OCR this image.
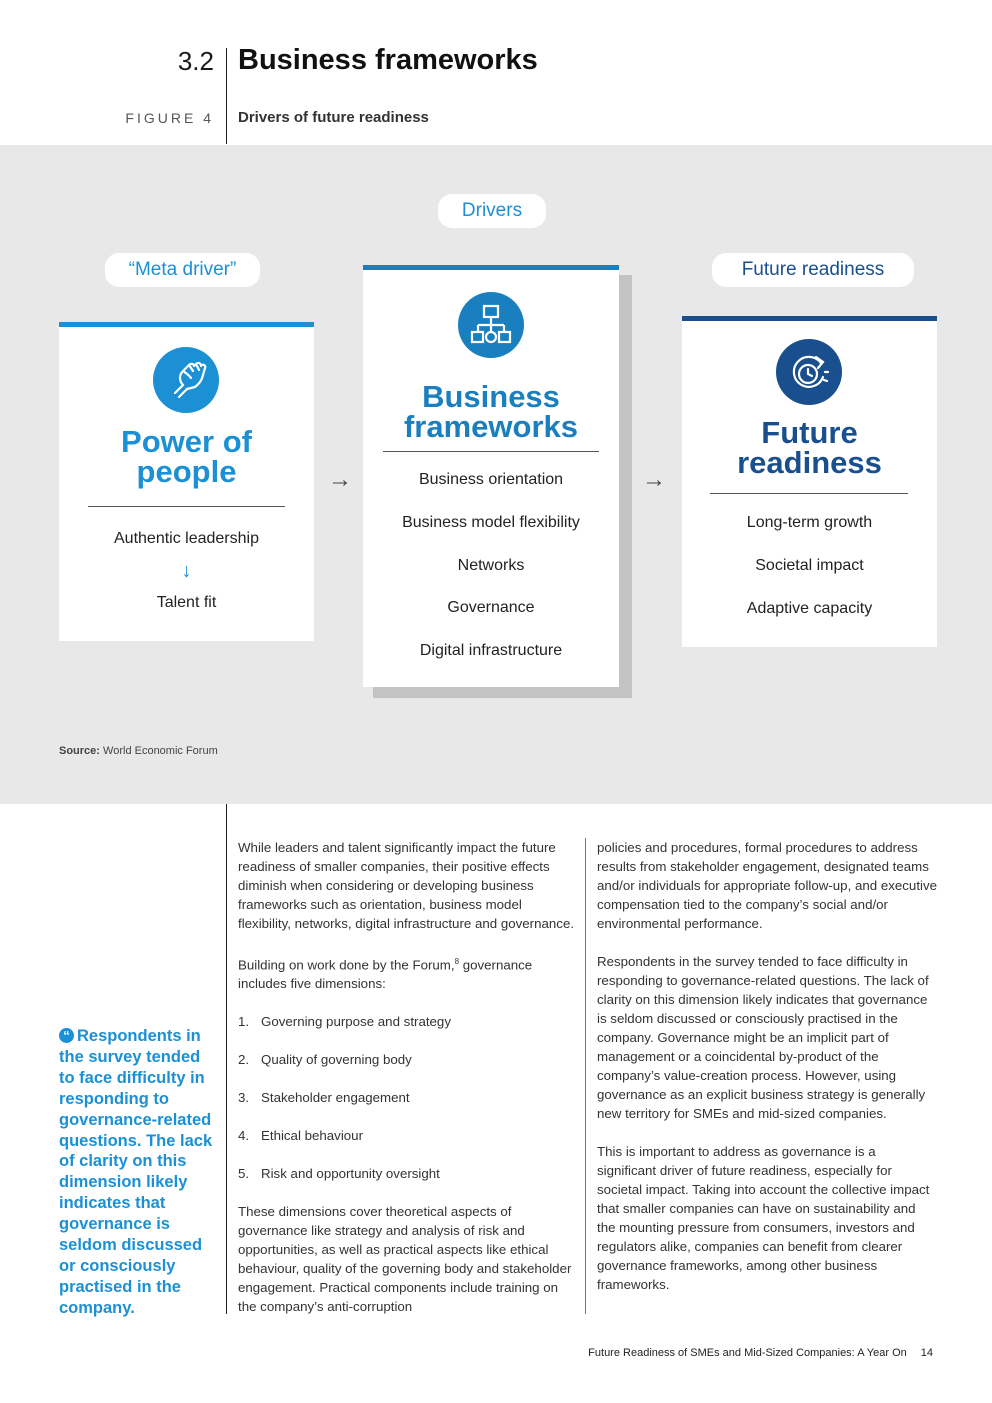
3.2 Business frameworks
FIGURE 4 Drivers of future readiness
Drivers
“Meta driver”	Future readiness
Power of
people
Authentic leadership
↓
Talent fit
→
Business
frameworks
Business orientation
Business model flexibility
Networks
Governance
Digital infrastructure
→
Future
readiness
Long-term growth
Societal impact
Adaptive capacity
Source: World Economic Forum
“ Respondents in the survey tended to face difficulty in responding to governance-related questions. The lack of clarity on this dimension likely indicates that governance is seldom discussed or consciously practised in the company.

While leaders and talent significantly impact the future readiness of smaller companies, their positive effects diminish when considering or developing business frameworks such as orientation, business model flexibility, networks, digital infrastructure and governance.

Building on work done by the Forum,$^8$ governance includes five dimensions:

1. Governing purpose and strategy
2. Quality of governing body
3. Stakeholder engagement
4. Ethical behaviour
5. Risk and opportunity oversight

These dimensions cover theoretical aspects of governance like strategy and analysis of risk and opportunities, as well as practical aspects like ethical behaviour, quality of the governing body and stakeholder engagement. Practical components include training on the company’s anti-corruption

policies and procedures, formal procedures to address results from stakeholder engagement, designated teams and/or individuals for appropriate follow-up, and executive compensation tied to the company’s social and/or environmental performance.

Respondents in the survey tended to face difficulty in responding to governance-related questions. The lack of clarity on this dimension likely indicates that governance is seldom discussed or consciously practised in the company. Governance might be an implicit part of management or a coincidental by-product of the company’s value-creation process. However, using governance as an explicit business strategy is generally new territory for SMEs and mid-sized companies.

This is important to address as governance is a significant driver of future readiness, especially for societal impact. Taking into account the collective impact that smaller companies can have on sustainability and the mounting pressure from consumers, investors and regulators alike, companies can benefit from clearer governance frameworks, among other business frameworks.

Future Readiness of SMEs and Mid-Sized Companies: A Year On 14
